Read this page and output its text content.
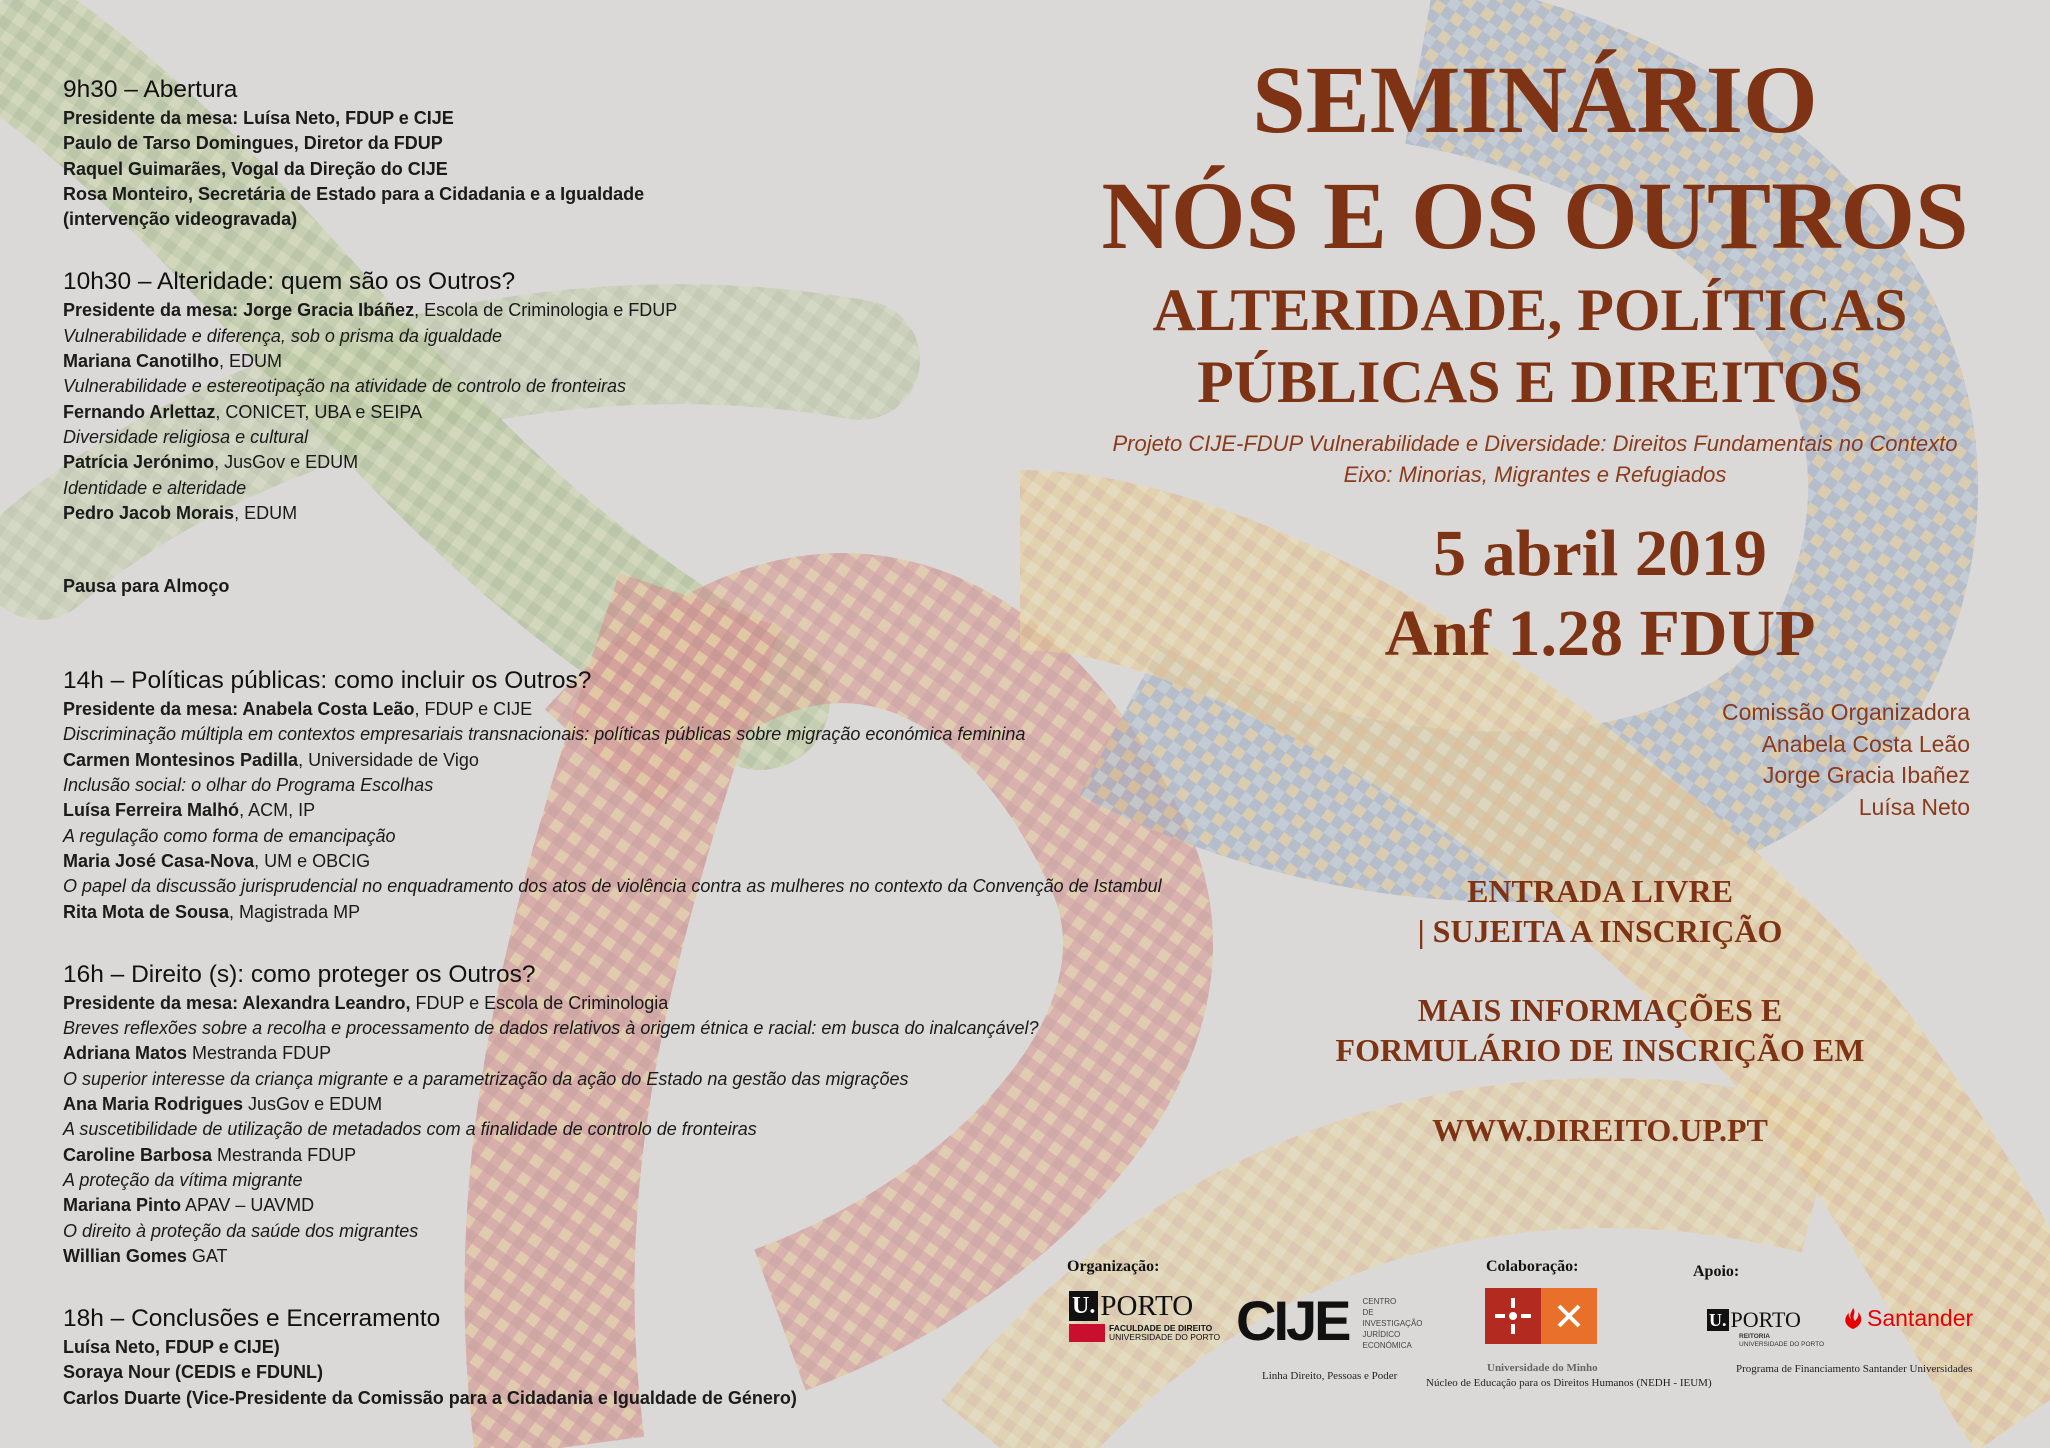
9h30 – Abertura
Presidente da mesa: Luísa Neto, FDUP e CIJE
Paulo de Tarso Domingues, Diretor da FDUP
Raquel Guimarães, Vogal da Direção do CIJE
Rosa Monteiro, Secretária de Estado para a Cidadania e a Igualdade
(intervenção videogravada)
10h30 – Alteridade: quem são os Outros?
Presidente da mesa: Jorge Gracia Ibáñez, Escola de Criminologia e FDUP
Vulnerabilidade e diferença, sob o prisma da igualdade
Mariana Canotilho, EDUM
Vulnerabilidade e estereotipação na atividade de controlo de fronteiras
Fernando Arlettaz, CONICET, UBA e SEIPA
Diversidade religiosa e cultural
Patrícia Jerónimo, JusGov e EDUM
Identidade e alteridade
Pedro Jacob Morais, EDUM
Pausa para Almoço
14h – Políticas públicas: como incluir os Outros?
Presidente da mesa: Anabela Costa Leão, FDUP e CIJE
Discriminação múltipla em contextos empresariais transnacionais: políticas públicas sobre migração económica feminina
Carmen Montesinos Padilla, Universidade de Vigo
Inclusão social: o olhar do Programa Escolhas
Luísa Ferreira Malhó, ACM, IP
A regulação como forma de emancipação
Maria José Casa-Nova, UM e OBCIG
O papel da discussão jurisprudencial no enquadramento dos atos de violência contra as mulheres no contexto da Convenção de Istambul
Rita Mota de Sousa, Magistrada MP
16h – Direito (s): como proteger os Outros?
Presidente da mesa: Alexandra Leandro, FDUP e Escola de Criminologia
Breves reflexões sobre a recolha e processamento de dados relativos à origem étnica e racial: em busca do inalcançável?
Adriana Matos Mestranda FDUP
O superior interesse da criança migrante e a parametrização da ação do Estado na gestão das migrações
Ana Maria Rodrigues JusGov e EDUM
A suscetibilidade de utilização de metadados com a finalidade de controlo de fronteiras
Caroline Barbosa Mestranda FDUP
A proteção da vítima migrante
Mariana Pinto APAV – UAVMD
O direito à proteção da saúde dos migrantes
Willian Gomes GAT
18h – Conclusões e Encerramento
Luísa Neto, FDUP e CIJE)
Soraya Nour (CEDIS e FDUNL)
Carlos Duarte (Vice-Presidente da Comissão para a Cidadania e Igualdade de Género)
SEMINÁRIO
NÓS E OS OUTROS
ALTERIDADE, POLÍTICAS
PÚBLICAS E DIREITOS
Projeto CIJE-FDUP Vulnerabilidade e Diversidade: Direitos Fundamentais no Contexto
Eixo: Minorias, Migrantes e Refugiados
5 abril 2019
Anf 1.28 FDUP
Comissão Organizadora
Anabela Costa Leão
Jorge Gracia Ibañez
Luísa Neto
ENTRADA LIVRE
| SUJEITA A INSCRIÇÃO
MAIS INFORMAÇÕES E
FORMULÁRIO DE INSCRIÇÃO EM
WWW.DIREITO.UP.PT
Organização:	Colaboração:	Apoio:
U. PORTO
FACULDADE DE DIREITO
UNIVERSIDADE DO PORTO CIJE CENTRO
DE INVESTIGAÇÃO
JURÍDICO
ECONÓMICA
Linha Direito, Pessoas e Poder
Universidade do Minho
Núcleo de Educação para os Direitos Humanos (NEDH - IEUM)
U. PORTO
REITORIA
UNIVERSIDADE DO PORTO
Santander
Programa de Financiamento Santander Universidades
